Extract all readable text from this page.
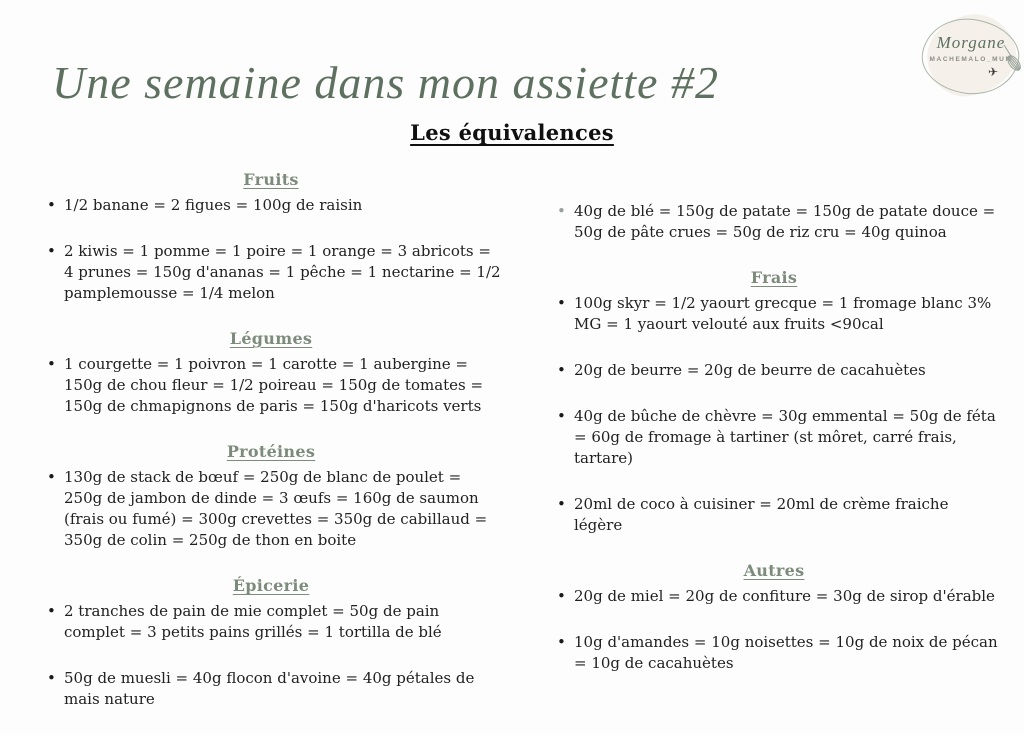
Une semaine dans mon assiette #2
Morgane
MACHEMALO_MUM
✈
Les équivalences
Fruits
• 1/2 banane = 2 figues = 100g de raisin
• 2 kiwis = 1 pomme = 1 poire = 1 orange = 3 abricots = 4 prunes = 150g d'ananas = 1 pêche = 1 nectarine = 1/2 pamplemousse = 1/4 melon
Légumes
• 1 courgette = 1 poivron = 1 carotte = 1 aubergine = 150g de chou fleur = 1/2 poireau = 150g de tomates = 150g de chmapignons de paris = 150g d'haricots verts
Protéines
• 130g de stack de bœuf = 250g de blanc de poulet = 250g de jambon de dinde = 3 œufs = 160g de saumon (frais ou fumé) = 300g crevettes = 350g de cabillaud = 350g de colin = 250g de thon en boite
Épicerie
• 2 tranches de pain de mie complet = 50g de pain complet = 3 petits pains grillés = 1 tortilla de blé
• 50g de muesli = 40g flocon d'avoine = 40g pétales de mais nature
• 40g de blé = 150g de patate = 150g de patate douce = 50g de pâte crues = 50g de riz cru = 40g quinoa
Frais
• 100g skyr = 1/2 yaourt grecque = 1 fromage blanc 3% MG = 1 yaourt velouté aux fruits <90cal
• 20g de beurre = 20g de beurre de cacahuètes
• 40g de bûche de chèvre = 30g emmental = 50g de féta = 60g de fromage à tartiner (st môret, carré frais, tartare)
• 20ml de coco à cuisiner = 20ml de crème fraiche légère
Autres
• 20g de miel = 20g de confiture = 30g de sirop d'érable
• 10g d'amandes = 10g noisettes = 10g de noix de pécan = 10g de cacahuètes
